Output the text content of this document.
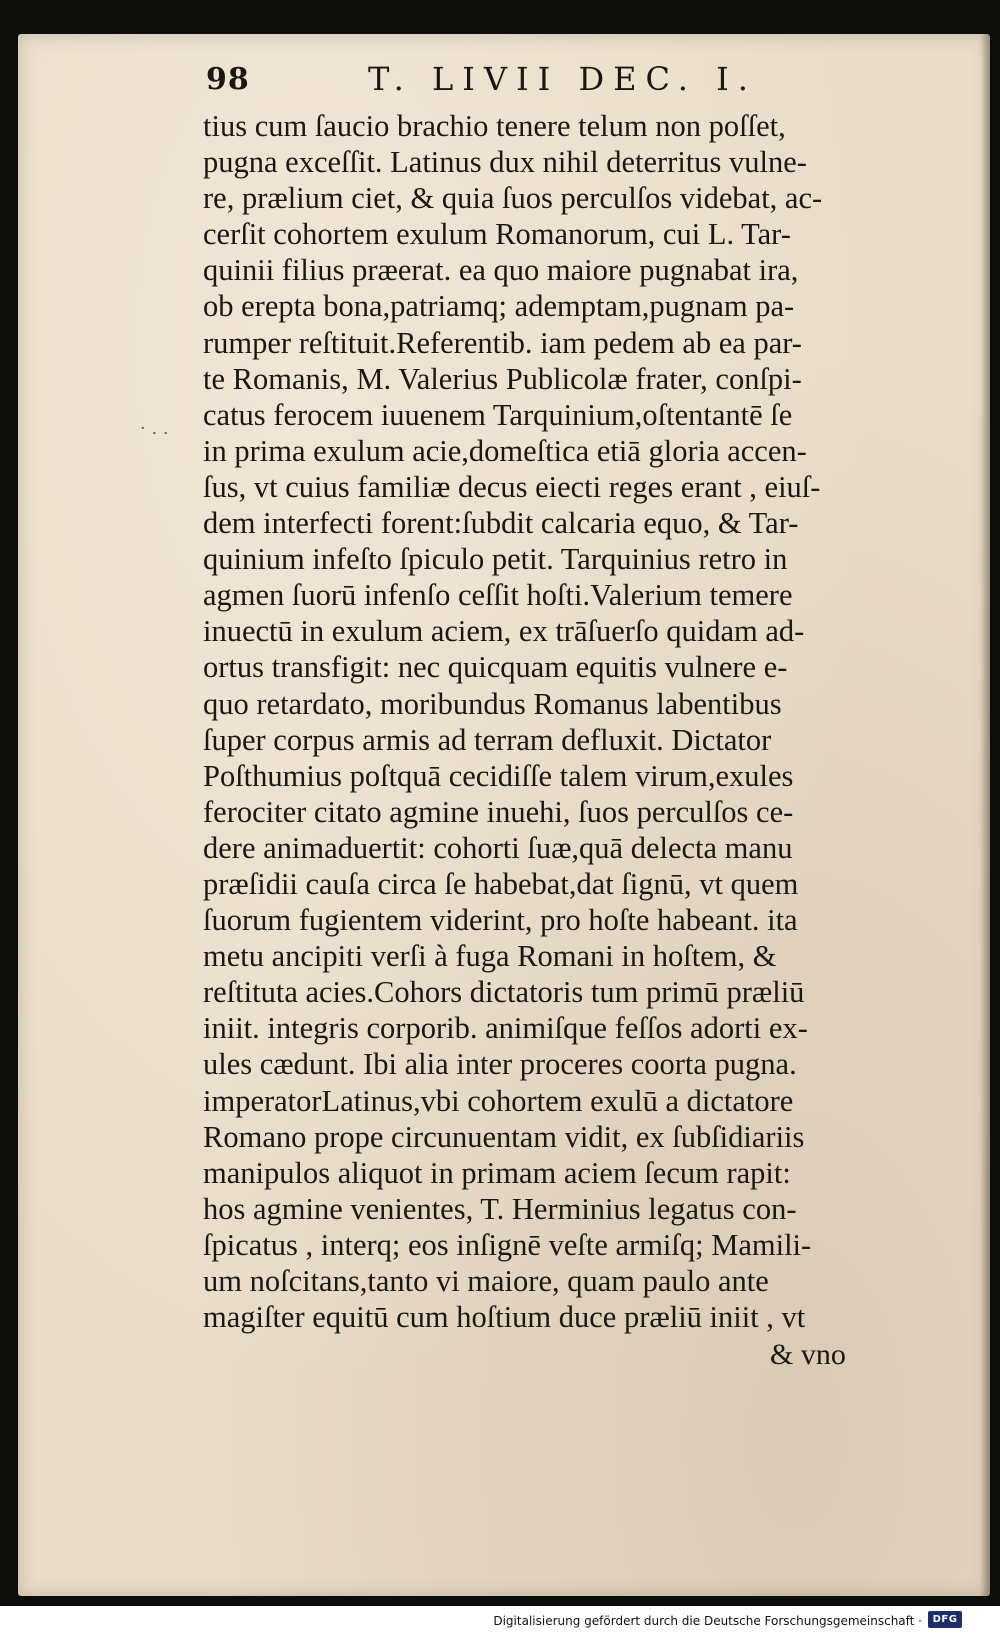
98	T. LIVII DEC. I.
· . .
tius cum ſaucio brachio tenere telum non poſſet,
pugna exceſſit. Latinus dux nihil deterritus vulne-
re, prælium ciet, & quia ſuos perculſos videbat, ac-
cerſit cohortem exulum Romanorum, cui L. Tar-
quinii filius præerat. ea quo maiore pugnabat ira,
ob erepta bona,patriamq; ademptam,pugnam pa-
rumper reſtituit.Referentib. iam pedem ab ea par-
te Romanis, M. Valerius Publicolæ frater, conſpi-
catus ferocem iuuenem Tarquinium,oſtentantē ſe
in prima exulum acie,domeſtica etiā gloria accen-
ſus, vt cuius familiæ decus eiecti reges erant , eiuſ-
dem interfecti forent:ſubdit calcaria equo, & Tar-
quinium infeſto ſpiculo petit. Tarquinius retro in
agmen ſuorū infenſo ceſſit hoſti.Valerium temere
inuectū in exulum aciem, ex trāſuerſo quidam ad-
ortus transfigit: nec quicquam equitis vulnere e-
quo retardato, moribundus Romanus labentibus
ſuper corpus armis ad terram defluxit. Dictator
Poſthumius poſtquā cecidiſſe talem virum,exules
ferociter citato agmine inuehi, ſuos perculſos ce-
dere animaduertit: cohorti ſuæ,quā delecta manu
præſidii cauſa circa ſe habebat,dat ſignū, vt quem
ſuorum fugientem viderint, pro hoſte habeant. ita
metu ancipiti verſi à fuga Romani in hoſtem, &
reſtituta acies.Cohors dictatoris tum primū præliū
iniit. integris corporib. animiſque feſſos adorti ex-
ules cædunt. Ibi alia inter proceres coorta pugna.
imperatorLatinus,vbi cohortem exulū a dictatore
Romano prope circunuentam vidit, ex ſubſidiariis
manipulos aliquot in primam aciem ſecum rapit:
hos agmine venientes, T. Herminius legatus con-
ſpicatus , interq; eos inſignē veſte armiſq; Mamili-
um noſcitans,tanto vi maiore, quam paulo ante
magiſter equitū cum hoſtium duce præliū iniit , vt
& vno
Digitalisierung gefördert durch die Deutsche Forschungsgemeinschaft ·	DFG
